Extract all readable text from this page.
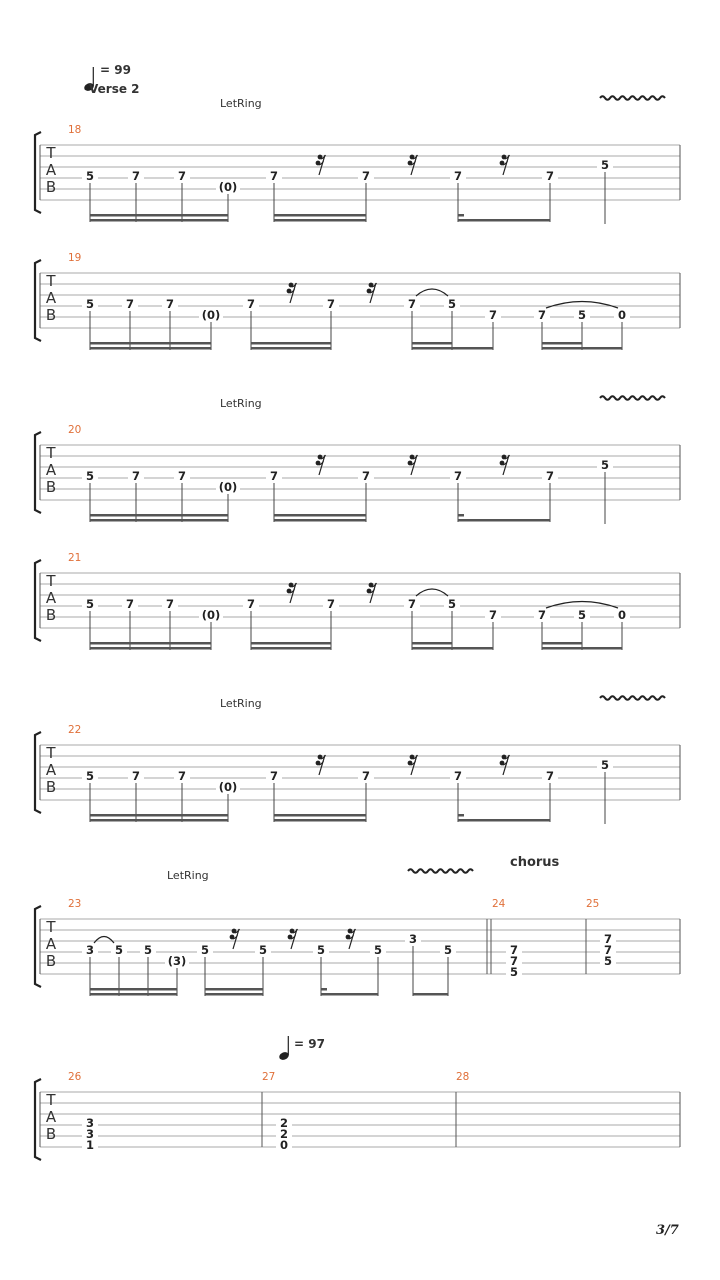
= 99
Verse 2
LetRing
18
T
A
B
5	7	7
(0)
7	7	7	7
5
19
T
A
B
5	7	7
(0)
7	7	7	5
7	7	5	0
LetRing
20
T
A
B
5	7	7
(0)
7	7	7	7
5
21
T
A
B
5	7	7
(0)
7	7	7	5
7	7	5	0
LetRing
22
T
A
B
5	7	7
(0)
7	7	7	7
5
LetRing
chorus
23	24	25
T
A
B
3 5 5
(3)
5	5	5	5
3
5	7
7
5
7
7
5
= 97
26	27	28
T
A
B
3
3
1
2
2
0
3/7
